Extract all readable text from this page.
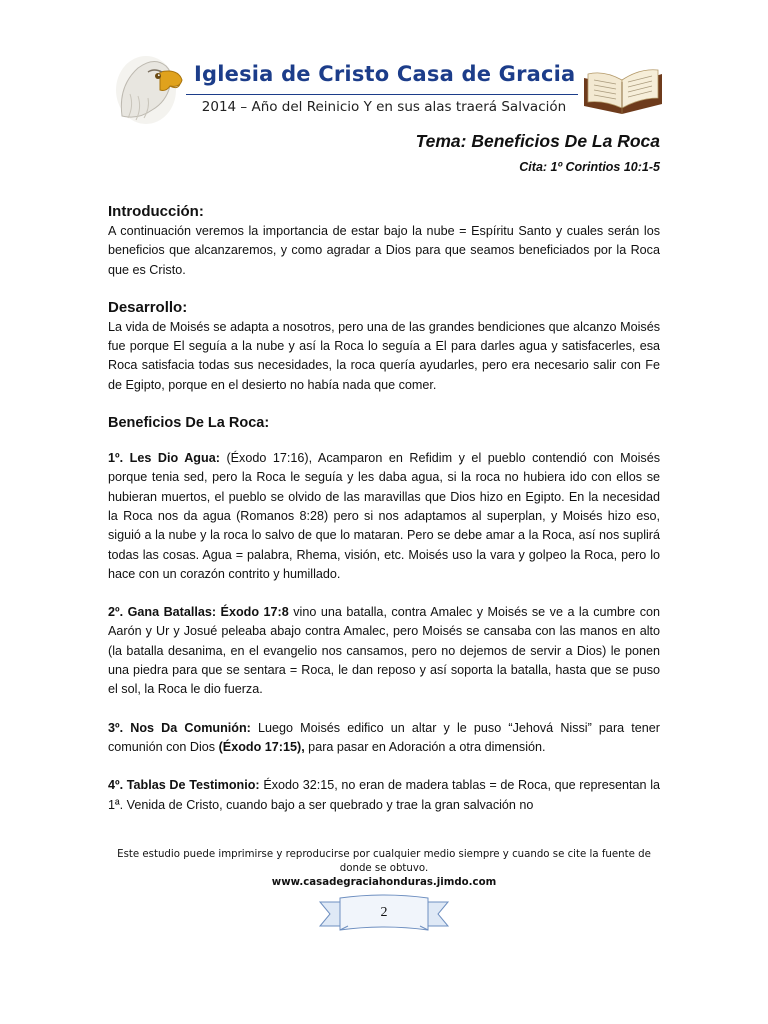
Iglesia de Cristo Casa de Gracia
2014 – Año del Reinicio Y en sus alas traerá Salvación
Tema: Beneficios De La Roca
Cita: 1º Corintios 10:1-5

Introducción:

A continuación veremos la importancia de estar bajo la nube = Espíritu Santo y cuales serán los beneficios que alcanzaremos, y como agradar a Dios para que seamos beneficiados por la Roca que es Cristo.

Desarrollo:

La vida de Moisés se adapta a nosotros, pero una de las grandes bendiciones que alcanzo Moisés fue porque El seguía a la nube y así la Roca lo seguía a El para darles agua y satisfacerles, esa Roca satisfacia todas sus necesidades, la roca quería ayudarles, pero era necesario salir con Fe de Egipto, porque en el desierto no había nada que comer.

Beneficios De La Roca:

1º. Les Dio Agua: (Éxodo 17:16), Acamparon en Refidim y el pueblo contendió con Moisés porque tenia sed, pero la Roca le seguía y les daba agua, si la roca no hubiera ido con ellos se hubieran muertos, el pueblo se olvido de las maravillas que Dios hizo en Egipto. En la necesidad la Roca nos da agua (Romanos 8:28) pero si nos adaptamos al superplan, y Moisés hizo eso, siguió a la nube y la roca lo salvo de que lo mataran. Pero se debe amar a la Roca, así nos suplirá todas las cosas. Agua = palabra, Rhema, visión, etc. Moisés uso la vara y golpeo la Roca, pero lo hace con un corazón contrito y humillado.

2º. Gana Batallas: Éxodo 17:8 vino una batalla, contra Amalec y Moisés se ve a la cumbre con Aarón y Ur y Josué peleaba abajo contra Amalec, pero Moisés se cansaba con las manos en alto (la batalla desanima, en el evangelio nos cansamos, pero no dejemos de servir a Dios) le ponen una piedra para que se sentara = Roca, le dan reposo y así soporta la batalla, hasta que se puso el sol, la Roca le dio fuerza.

3º. Nos Da Comunión: Luego Moisés edifico un altar y le puso “Jehová Nissi” para tener comunión con Dios (Éxodo 17:15), para pasar en Adoración a otra dimensión.

4º. Tablas De Testimonio: Éxodo 32:15, no eran de madera tablas = de Roca, que representan la 1ª. Venida de Cristo, cuando bajo a ser quebrado y trae la gran salvación no

Este estudio puede imprimirse y reproducirse por cualquier medio siempre y cuando se cite la fuente de donde se obtuvo.
www.casadegraciahonduras.jimdo.com
2
